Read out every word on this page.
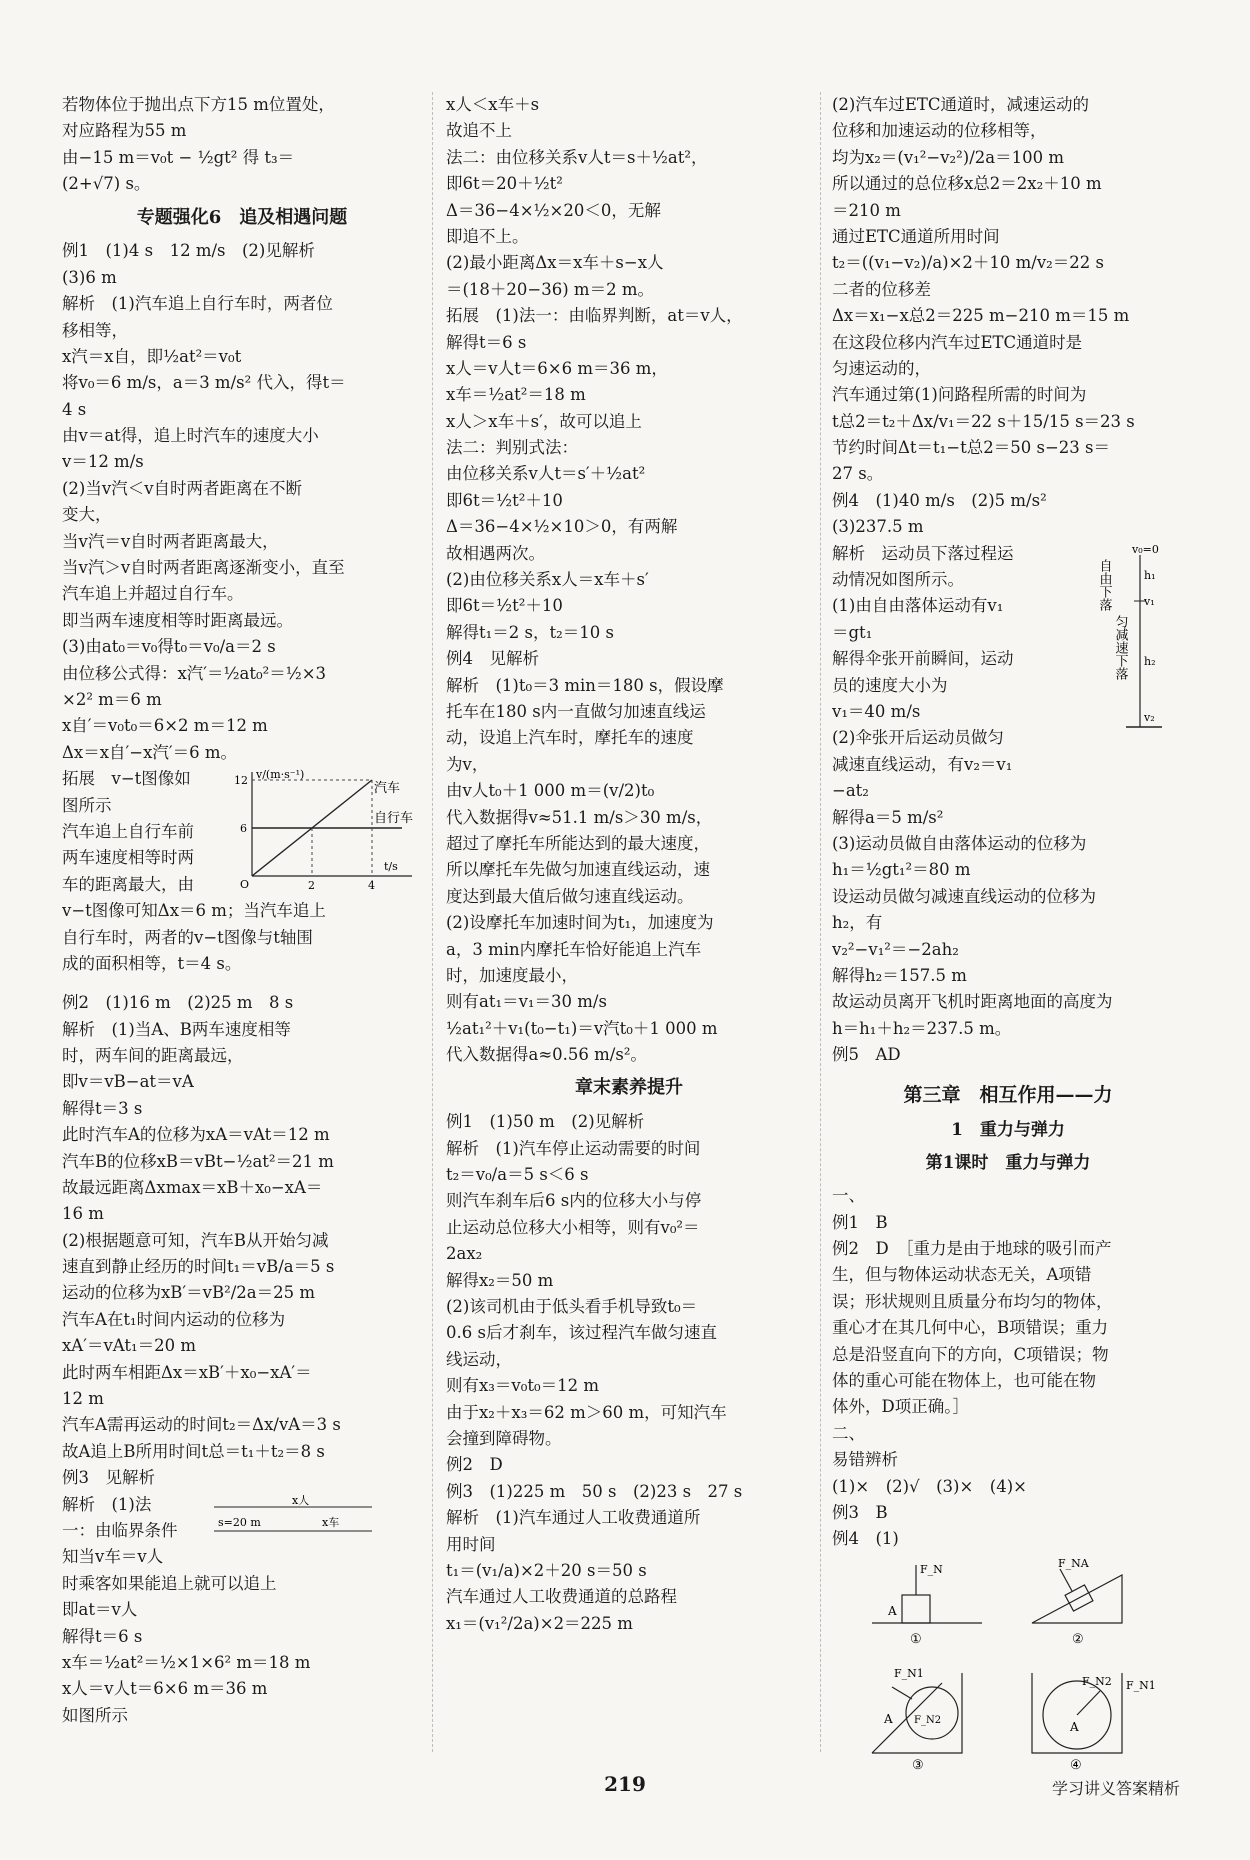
若物体位于抛出点下方15 m位置处，
对应路程为55 m
由−15 m＝v₀t − ½gt² 得 t₃＝
(2+√7) s。
专题强化6　追及相遇问题
例1　(1)4 s　12 m/s　(2)见解析
(3)6 m
解析　(1)汽车追上自行车时，两者位
移相等，
x汽＝x自，即½at²＝v₀t
将v₀＝6 m/s，a＝3 m/s² 代入，得t＝
4 s
由v＝at得，追上时汽车的速度大小
v＝12 m/s
(2)当v汽＜v自时两者距离在不断
变大，
当v汽＝v自时两者距离最大，
当v汽＞v自时两者距离逐渐变小，直至
汽车追上并超过自行车。
即当两车速度相等时距离最远。
(3)由at₀＝v₀得t₀＝v₀/a＝2 s
由位移公式得：x汽′＝½at₀²＝½×3
×2² m＝6 m
x自′＝v₀t₀＝6×2 m＝12 m
Δx＝x自′−x汽′＝6 m。
拓展　v−t图像如
图所示
汽车追上自行车前
两车速度相等时两
车的距离最大，由
v−t图像可知Δx＝6 m；当汽车追上
自行车时，两者的v−t图像与t轴围
成的面积相等，t＝4 s。
v/(m·s⁻¹)
12
6
O	2	4
t/s
汽车
自行车
例2　(1)16 m　(2)25 m　8 s
解析　(1)当A、B两车速度相等
时，两车间的距离最远，
即v＝vB−at＝vA
解得t＝3 s
此时汽车A的位移为xA＝vAt＝12 m
汽车B的位移xB＝vBt−½at²＝21 m
故最远距离Δxmax＝xB＋x₀−xA＝
16 m
(2)根据题意可知，汽车B从开始匀减
速直到静止经历的时间t₁＝vB/a＝5 s
运动的位移为xB′＝vB²/2a＝25 m
汽车A在t₁时间内运动的位移为
xA′＝vAt₁＝20 m
此时两车相距Δx＝xB′＋x₀−xA′＝
12 m
汽车A需再运动的时间t₂＝Δx/vA＝3 s
故A追上B所用时间t总＝t₁＋t₂＝8 s
x人
s=20 m	x车
例3　见解析
解析　(1)法
一：由临界条件
知当v车＝v人
时乘客如果能追上就可以追上
即at＝v人
解得t＝6 s
x车＝½at²＝½×1×6² m＝18 m
x人＝v人t＝6×6 m＝36 m
如图所示
x人＜x车＋s
故追不上
法二：由位移关系v人t＝s＋½at²，
即6t＝20＋½t²
Δ＝36−4×½×20＜0，无解
即追不上。
(2)最小距离Δx＝x车＋s−x人
＝(18＋20−36) m＝2 m。
拓展　(1)法一：由临界判断，at＝v人，
解得t＝6 s
x人＝v人t＝6×6 m＝36 m，
x车＝½at²＝18 m
x人＞x车＋s′，故可以追上
法二：判别式法：
由位移关系v人t＝s′＋½at²
即6t＝½t²＋10
Δ＝36−4×½×10＞0，有两解
故相遇两次。
(2)由位移关系x人＝x车＋s′
即6t＝½t²＋10
解得t₁＝2 s，t₂＝10 s
例4　见解析
解析　(1)t₀＝3 min＝180 s，假设摩
托车在180 s内一直做匀加速直线运
动，设追上汽车时，摩托车的速度
为v，
由v人t₀＋1 000 m＝(v/2)t₀
代入数据得v≈51.1 m/s＞30 m/s，
超过了摩托车所能达到的最大速度，
所以摩托车先做匀加速直线运动，速
度达到最大值后做匀速直线运动。
(2)设摩托车加速时间为t₁，加速度为
a，3 min内摩托车恰好能追上汽车
时，加速度最小，
则有at₁＝v₁＝30 m/s
½at₁²＋v₁(t₀−t₁)＝v汽t₀＋1 000 m
代入数据得a≈0.56 m/s²。
章末素养提升
例1　(1)50 m　(2)见解析
解析　(1)汽车停止运动需要的时间
t₂＝v₀/a＝5 s＜6 s
则汽车刹车后6 s内的位移大小与停
止运动总位移大小相等，则有v₀²＝
2ax₂
解得x₂＝50 m
(2)该司机由于低头看手机导致t₀＝
0.6 s后才刹车，该过程汽车做匀速直
线运动，
则有x₃＝v₀t₀＝12 m
由于x₂＋x₃＝62 m＞60 m，可知汽车
会撞到障碍物。
例2　D
例3　(1)225 m　50 s　(2)23 s　27 s
解析　(1)汽车通过人工收费通道所
用时间
t₁＝(v₁/a)×2＋20 s＝50 s
汽车通过人工收费通道的总路程
x₁＝(v₁²/2a)×2＝225 m
(2)汽车过ETC通道时，减速运动的
位移和加速运动的位移相等，
均为x₂＝(v₁²−v₂²)/2a＝100 m
所以通过的总位移x总2＝2x₂＋10 m
＝210 m
通过ETC通道所用时间
t₂＝((v₁−v₂)/a)×2＋10 m/v₂＝22 s
二者的位移差
Δx＝x₁−x总2＝225 m−210 m＝15 m
在这段位移内汽车过ETC通道时是
匀速运动的，
汽车通过第(1)问路程所需的时间为
t总2＝t₂＋Δx/v₁＝22 s＋15/15 s＝23 s
节约时间Δt＝t₁−t总2＝50 s−23 s＝
27 s。
例4　(1)40 m/s　(2)5 m/s²
(3)237.5 m
v₀=0
h₁
v₁
h₂
v₂
自由下落
匀减速下落
解析　运动员下落过程运
动情况如图所示。
(1)由自由落体运动有v₁
＝gt₁
解得伞张开前瞬间，运动
员的速度大小为
v₁＝40 m/s
(2)伞张开后运动员做匀
减速直线运动，有v₂＝v₁
−at₂
解得a＝5 m/s²
(3)运动员做自由落体运动的位移为
h₁＝½gt₁²＝80 m
设运动员做匀减速直线运动的位移为
h₂，有
v₂²−v₁²＝−2ah₂
解得h₂＝157.5 m
故运动员离开飞机时距离地面的高度为
h＝h₁＋h₂＝237.5 m。
例5　AD
第三章　相互作用——力
1　重力与弹力
第1课时　重力与弹力
一、
例1　B
例2　D　［重力是由于地球的吸引而产
生，但与物体运动状态无关，A项错
误；形状规则且质量分布均匀的物体，
重心才在其几何中心，B项错误；重力
总是沿竖直向下的方向，C项错误；物
体的重心可能在物体上，也可能在物
体外，D项正确。］
二、
易错辨析
(1)×　(2)√　(3)×　(4)×
例3　B
例4　(1)
F_N
A
①
F_NA
②
F_N1
F_N2
A
③
F_N2 F_N1
A
④
219	学习讲义答案精析
